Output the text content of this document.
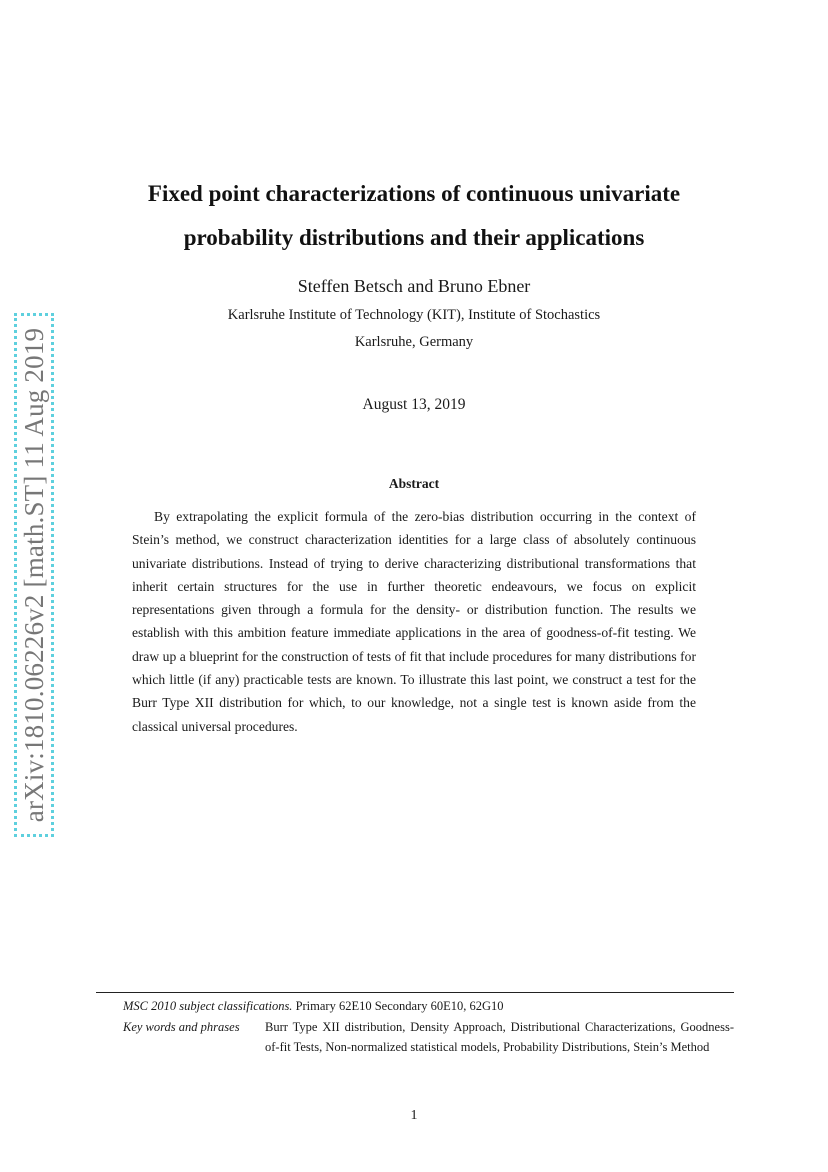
arXiv:1810.06226v2 [math.ST] 11 Aug 2019
Fixed point characterizations of continuous univariate
probability distributions and their applications
Steffen Betsch and Bruno Ebner
Karlsruhe Institute of Technology (KIT), Institute of Stochastics
Karlsruhe, Germany
August 13, 2019
Abstract
By extrapolating the explicit formula of the zero-bias distribution occurring in the context of Stein’s method, we construct characterization identities for a large class of absolutely continuous univariate distributions. Instead of trying to derive characterizing distributional transformations that inherit certain structures for the use in further theoretic endeavours, we focus on explicit representations given through a formula for the density- or distribution function. The results we establish with this ambition feature immediate applications in the area of goodness-of-fit testing. We draw up a blueprint for the construction of tests of fit that include procedures for many distributions for which little (if any) practicable tests are known. To illustrate this last point, we construct a test for the Burr Type XII distribution for which, to our knowledge, not a single test is known aside from the classical universal procedures.
MSC 2010 subject classifications. Primary 62E10 Secondary 60E10, 62G10
Key words and phrases	Burr Type XII distribution, Density Approach, Distributional Characterizations, Goodness-of-fit Tests, Non-normalized statistical models, Probability Distributions, Stein’s Method
1
